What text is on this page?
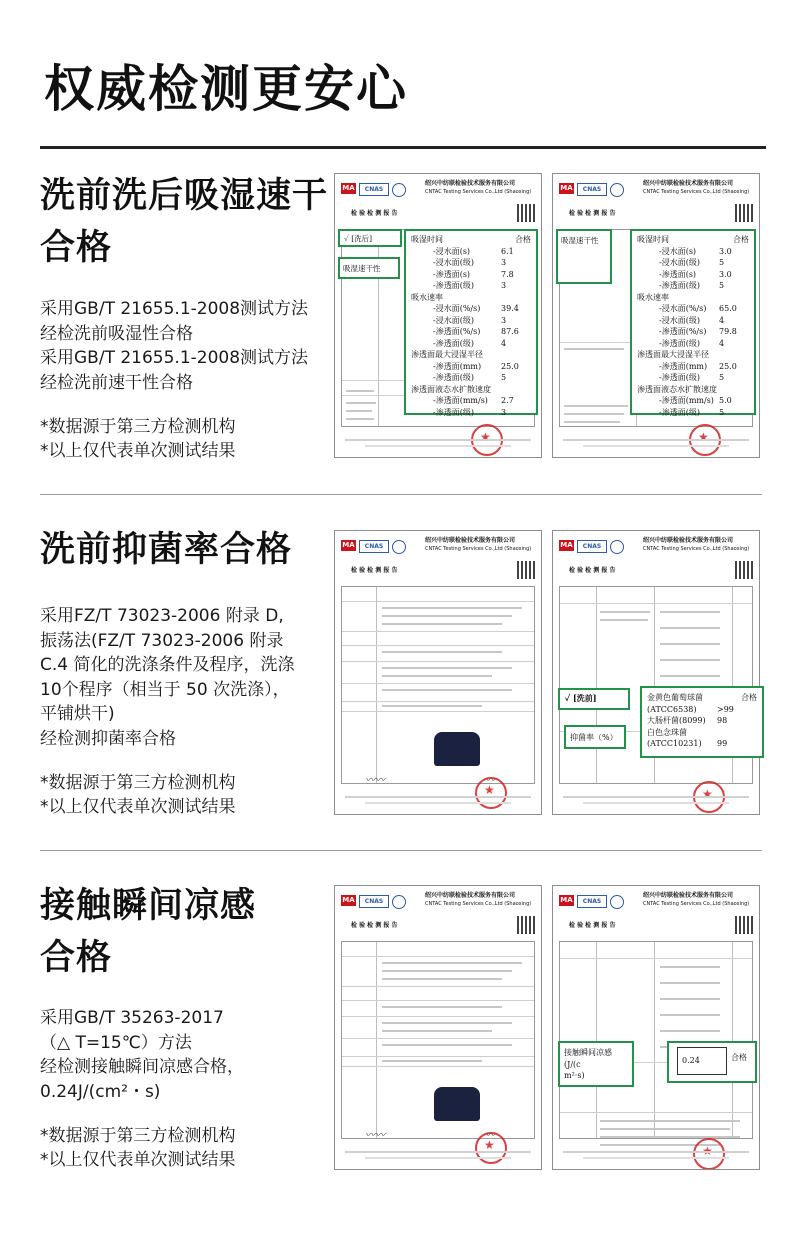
权威检测更安心
洗前洗后吸湿速干
合格
采用GB/T 21655.1-2008测试方法
经检洗前吸湿性合格
采用GB/T 21655.1-2008测试方法
经检洗前速干性合格
*数据源于第三方检测机构
*以上仅代表单次测试结果
MA	CNAS
绍兴中纺联检验技术服务有限公司
CNTAC Testing Services Co.,Ltd (Shaoxing)
检 验 检 测 报 告
★
✓ [洗后]
吸湿速干性
吸湿时间	合格
-浸水面(s)	6.1
-浸水面(级)	3
-渗透面(s)	7.8
-渗透面(级)	3
吸水速率
-浸水面(%/s)	39.4
-浸水面(级)	3
-渗透面(%/s)	87.6
-渗透面(级)	4
渗透面最大浸湿半径
-渗透面(mm) 25.0
-渗透面(级)	5
渗透面液态水扩散速度
-渗透面(mm/s) 2.7
-渗透面(级)	3
MA	CNAS
绍兴中纺联检验技术服务有限公司
CNTAC Testing Services Co.,Ltd (Shaoxing)
检 验 检 测 报 告
★
吸湿速干性	吸湿时间	合格
-浸水面(s)	3.0
-浸水面(级) 5
-渗透面(s)	3.0
-渗透面(级) 5
吸水速率
-浸水面(%/s) 65.0
-浸水面(级) 4
-渗透面(%/s) 79.8
-渗透面(级) 4
渗透面最大浸湿半径
-渗透面(mm) 25.0
-渗透面(级) 5
渗透面液态水扩散速度
-渗透面(mm/s) 5.0
-渗透面(级) 5
洗前抑菌率合格
采用FZ/T 73023-2006 附录 D,
振荡法(FZ/T 73023-2006 附录
C.4 简化的洗涤条件及程序，洗涤
10个程序（相当于 50 次洗涤），
平铺烘干)
经检测抑菌率合格
*数据源于第三方检测机构
*以上仅代表单次测试结果
MA	CNAS
绍兴中纺联检验技术服务有限公司
CNTAC Testing Services Co.,Ltd (Shaoxing)
检 验 检 测 报 告
〰〰	〰
★
MA	CNAS
绍兴中纺联检验技术服务有限公司
CNTAC Testing Services Co.,Ltd (Shaoxing)
检 验 检 测 报 告
★
✓ [洗前]
抑菌率（%）
金黄色葡萄球菌	合格
(ATCC6538)	>99
大肠杆菌(8099) 98
白色念珠菌
(ATCC10231) 99
接触瞬间凉感
合格
采用GB/T 35263-2017
（△ T=15℃）方法
经检测接触瞬间凉感合格，
0.24J/(cm²・s)
*数据源于第三方检测机构
*以上仅代表单次测试结果
MA	CNAS
绍兴中纺联检验技术服务有限公司
CNTAC Testing Services Co.,Ltd (Shaoxing)
检 验 检 测 报 告
〰〰	〰
★
MA	CNAS
绍兴中纺联检验技术服务有限公司
CNTAC Testing Services Co.,Ltd (Shaoxing)
检 验 检 测 报 告
★
接触瞬间凉感 (J/(c
m²·s)
0.24	合格
